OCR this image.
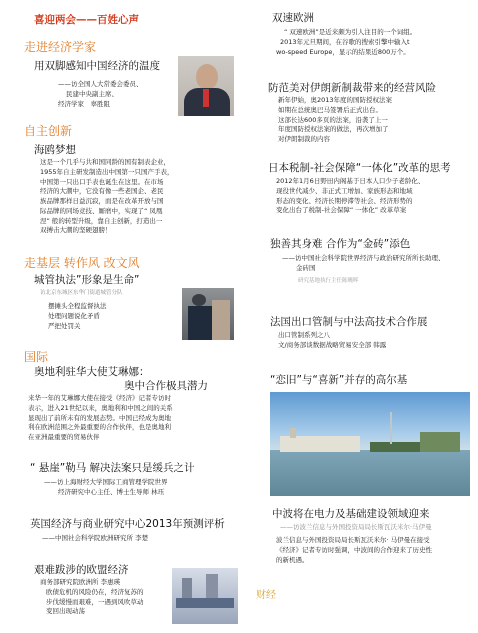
喜迎两会——百姓心声
走进经济学家
用双脚感知中国经济的温度
——访全国人大常委会委员、
民建中央副主席、
经济学家　辜胜阻
自主创新
海鸥梦想
这是一个几乎与共和国同龄的国有制表企业，
1955年自主研发制造出中国第一只国产手表，
中国第一只出口手表也诞生在这里。在市场
经济的大潮中，它没有像一些老国企、老民
族品牌那样日益沉寂，而是在改革开放与国
际品牌的同场竞技、厮磨中，实现了“ 凤凰
涅” 般的转型升级，靠自主创新，打造出一
双搏击大潮的坚硬翅膀！
走基层 转作风 改文风
城管执法”形象是生命”
访北京东城区东华门街道城管分队
摆摊头全程监督执法
处理问题说化矛盾
严把处罚关
国际
奥地利驻华大使艾琳娜：
奥中合作极具潜力
来华一年的艾琳娜大使在接受《经济》记者专访时
表示，进入21世纪以来，奥地利和中国之间的关系
显现出了前所未有的发展态势。中国已经成为奥地
利在欧洲范围之外最重要的合作伙伴，也是奥地利
在亚洲最重要的贸易伙伴
“ 悬崖”勒马 解决法案只是缓兵之计
——访上海财经大学国际工商管理学院世界
经济研究中心主任、博士生导师 林珏
英国经济与商业研究中心2013年预测评析
——中国社会科学院欧洲研究所 李楚
艰难跋涉的欧盟经济
商务部研究院欧洲所 李惠瑛
欧债危机的风险仍在，经济复苏的
步伐缓慢而艰难，一遇到风吹草动
变回出现动荡
财经
双速欧洲
“ 双速欧洲”是近来颇为引人注目的一个词组。
2013年元旦期间，在谷歌的搜索引擎中输入t
wo-speed Europe，显示的结果近800万个。
防范美对伊朗新制裁带来的经营风险
新年伊始，奥2013年度的国防授权法案
如期在总统奥巴马签署后正式出台。
这部长达600多页的法案，沿袭了上一
年度国防授权法案的做法，再次增加了
对伊朗制裁的内容
日本税制-社会保障“一体化”改革的思考
2012年1月6日野田内阁基于日本人口少子老龄化、
现役世代减少、非正式工增加、家族形态和地域
形态的变化、经济长期停滞等社会、经济形势的
变化出台了税制-社会保障“ 一体化” 改革草案
独善其身难 合作为“金砖”添色
——访中国社会科学院世界经济与政治研究所所长助理、
金砖国
研究基地执行主任陈曉晖
法国出口管制与中法高技术合作展
出口管制系列之八
文/商务部谈数据战略贸易安全部 韩露
“恋旧”与“喜新”并存的高尔基
中波将在电力及基础建设领域迎来
——访波兰信息与外国投资局局长斯瓦沃米尔·马伊曼
波兰信息与外国投资局局长斯瓦沃米尔· 马伊曼在接受
《经济》记者专访时强调，中波间的合作迎来了历史性
的新机遇。
